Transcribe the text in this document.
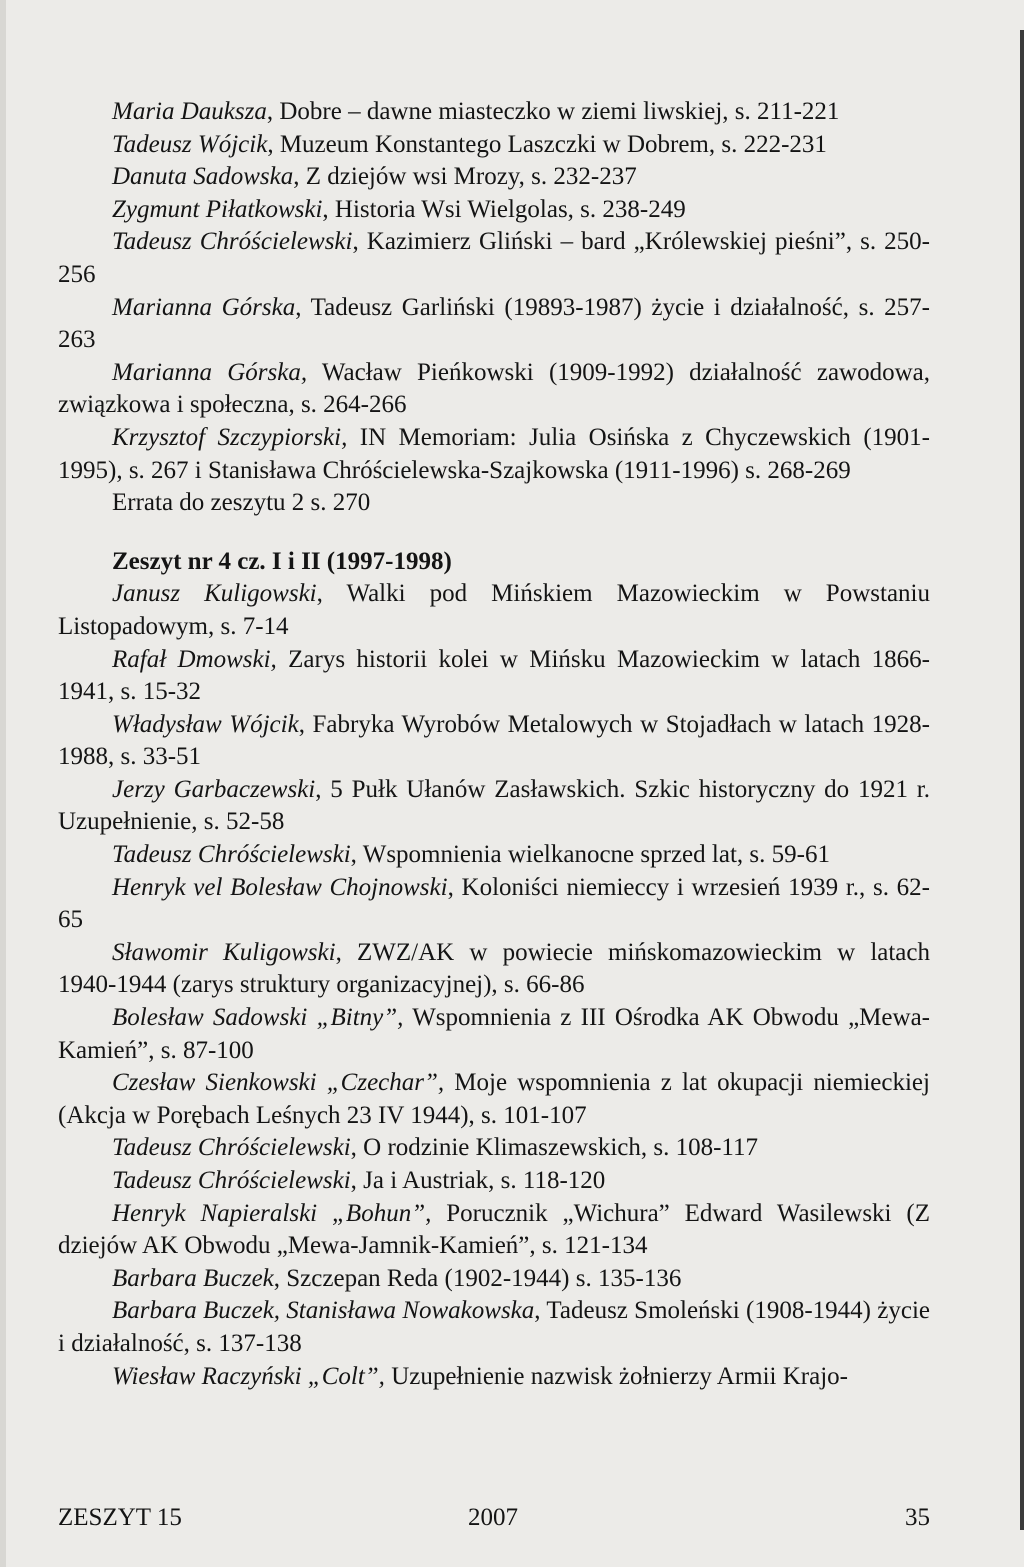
Maria Dauksza, Dobre – dawne miasteczko w ziemi liwskiej, s. 211-221

Tadeusz Wójcik, Muzeum Konstantego Laszczki w Dobrem, s. 222-231

Danuta Sadowska, Z dziejów wsi Mrozy, s. 232-237

Zygmunt Piłatkowski, Historia Wsi Wielgolas, s. 238-249

Tadeusz Chróścielewski, Kazimierz Gliński – bard „Królewskiej pieśni”, s. 250-256

Marianna Górska, Tadeusz Garliński (19893-1987) życie i działalność, s. 257-263

Marianna Górska, Wacław Pieńkowski (1909-1992) działalność zawodowa, związkowa i społeczna, s. 264-266

Krzysztof Szczypiorski, IN Memoriam: Julia Osińska z Chyczewskich (1901-1995), s. 267 i Stanisława Chróścielewska-Szajkowska (1911-1996) s. 268-269

Errata do zeszytu 2 s. 270

Zeszyt nr 4 cz. I i II (1997-1998)

Janusz Kuligowski, Walki pod Mińskiem Mazowieckim w Powstaniu Listopadowym, s. 7-14

Rafał Dmowski, Zarys historii kolei w Mińsku Mazowieckim w latach 1866-1941, s. 15-32

Władysław Wójcik, Fabryka Wyrobów Metalowych w Stojadłach w latach 1928-1988, s. 33-51

Jerzy Garbaczewski, 5 Pułk Ułanów Zasławskich. Szkic historyczny do 1921 r. Uzupełnienie, s. 52-58

Tadeusz Chróścielewski, Wspomnienia wielkanocne sprzed lat, s. 59-61

Henryk vel Bolesław Chojnowski, Koloniści niemieccy i wrzesień 1939 r., s. 62-65

Sławomir Kuligowski, ZWZ/AK w powiecie mińskomazowieckim w latach 1940-1944 (zarys struktury organizacyjnej), s. 66-86

Bolesław Sadowski „Bitny”, Wspomnienia z III Ośrodka AK Obwodu „Mewa-Kamień”, s. 87-100

Czesław Sienkowski „Czechar”, Moje wspomnienia z lat okupacji niemieckiej (Akcja w Porębach Leśnych 23 IV 1944), s. 101-107

Tadeusz Chróścielewski, O rodzinie Klimaszewskich, s. 108-117

Tadeusz Chróścielewski, Ja i Austriak, s. 118-120

Henryk Napieralski „Bohun”, Porucznik „Wichura” Edward Wasilewski (Z dziejów AK Obwodu „Mewa-Jamnik-Kamień”, s. 121-134

Barbara Buczek, Szczepan Reda (1902-1944) s. 135-136

Barbara Buczek, Stanisława Nowakowska, Tadeusz Smoleński (1908-1944) życie i działalność, s. 137-138

Wiesław Raczyński „Colt”, Uzupełnienie nazwisk żołnierzy Armii Krajo-

ZESZYT 15	2007	35
